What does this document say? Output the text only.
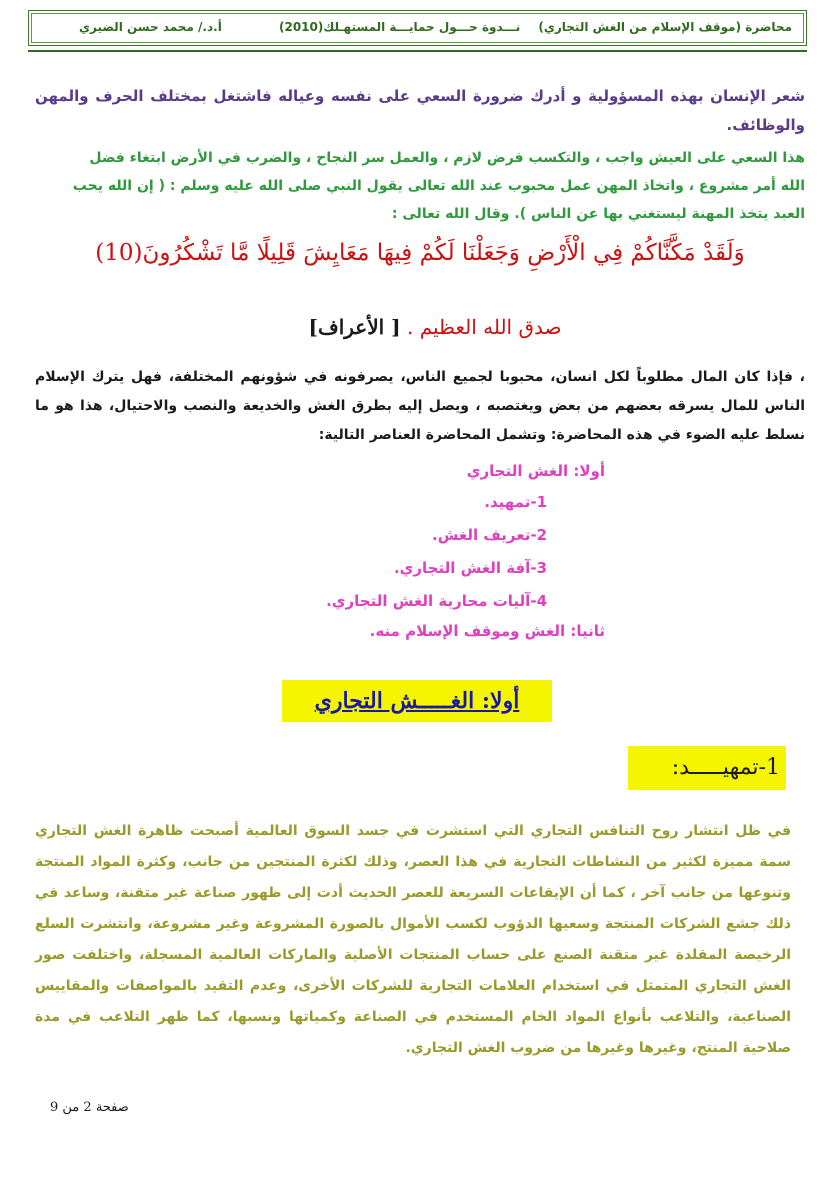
محاضرة (موقف الإسلام من الغش التجاري)
نـــدوة حـــول حمايـــة المستهـلك(2010)
أ.د./ محمد حسن الضيري
شعر الإنسان بهذه المسؤولية و أدرك ضرورة السعي على نفسه وعياله فاشتغل بمختلف الحرف والمهن والوظائف.
هذا السعي على العيش واجب ، والتكسب فرض لازم ، والعمل سر النجاح ، والضرب في الأرض ابتغاء فضل
الله أمر مشروع ، واتخاذ المهن عمل محبوب عند الله تعالى يقول النبي صلى الله عليه وسلم : ( إن الله يحب
العبد يتخذ المهنة ليستغني بها عن الناس ). وقال الله تعالى :
وَلَقَدْ مَكَّنَّاكُمْ فِي الْأَرْضِ وَجَعَلْنَا لَكُمْ فِيهَا مَعَايِشَ قَلِيلًا مَّا تَشْكُرُونَ(10)
صدق الله العظيم . [ الأعراف]
، فإذا كان المال مطلوباً لكل انسان، محبوبا لجميع الناس، يصرفونه في شؤونهم المختلفة، فهل يترك الإسلام الناس للمال يسرقه بعضهم من بعض ويغتصبه ، ويصل إليه بطرق الغش والخديعة والنصب والاحتيال، هذا هو ما نسلط عليه الضوء في هذه المحاضرة: وتشمل المحاضرة العناصر التالية:
أولا: الغش التجاري
1-تمهيد.
2-تعريف الغش.
3-آفة الغش التجاري.
4-آليات محاربة الغش التجاري.
ثانيا: الغش وموقف الإسلام منه.
أولا: الغـــــش التجاري
1-تمهيـــــد:
في ظل انتشار روح التنافس التجاري التي استشرت في جسد السوق العالمية أصبحت ظاهرة الغش التجاري سمة مميزة لكثير من النشاطات التجارية في هذا العصر، وذلك لكثرة المنتجين من جانب، وكثرة المواد المنتجة وتنوعها من جانب آخر ، كما أن الإيقاعات السريعة للعصر الحديث أدت إلى ظهور صناعة غير متقنة، وساعد في ذلك جشع الشركات المنتجة وسعيها الدؤوب لكسب الأموال بالصورة المشروعة وغير مشروعة، وانتشرت السلع الرخيصة المقلدة غير متقنة الصنع على حساب المنتجات الأصلية والماركات العالمية المسجلة، واختلفت صور الغش التجاري المتمثل في استخدام العلامات التجارية للشركات الأخرى، وعدم التقيد بالمواصفات والمقاييس الصناعية، والتلاعب بأنواع المواد الخام المستخدم في الصناعة وكمياتها ونسبها، كما ظهر التلاعب في مدة صلاحية المنتج، وغيرها وغيرها من ضروب الغش التجاري.
صفحة 2 من 9
